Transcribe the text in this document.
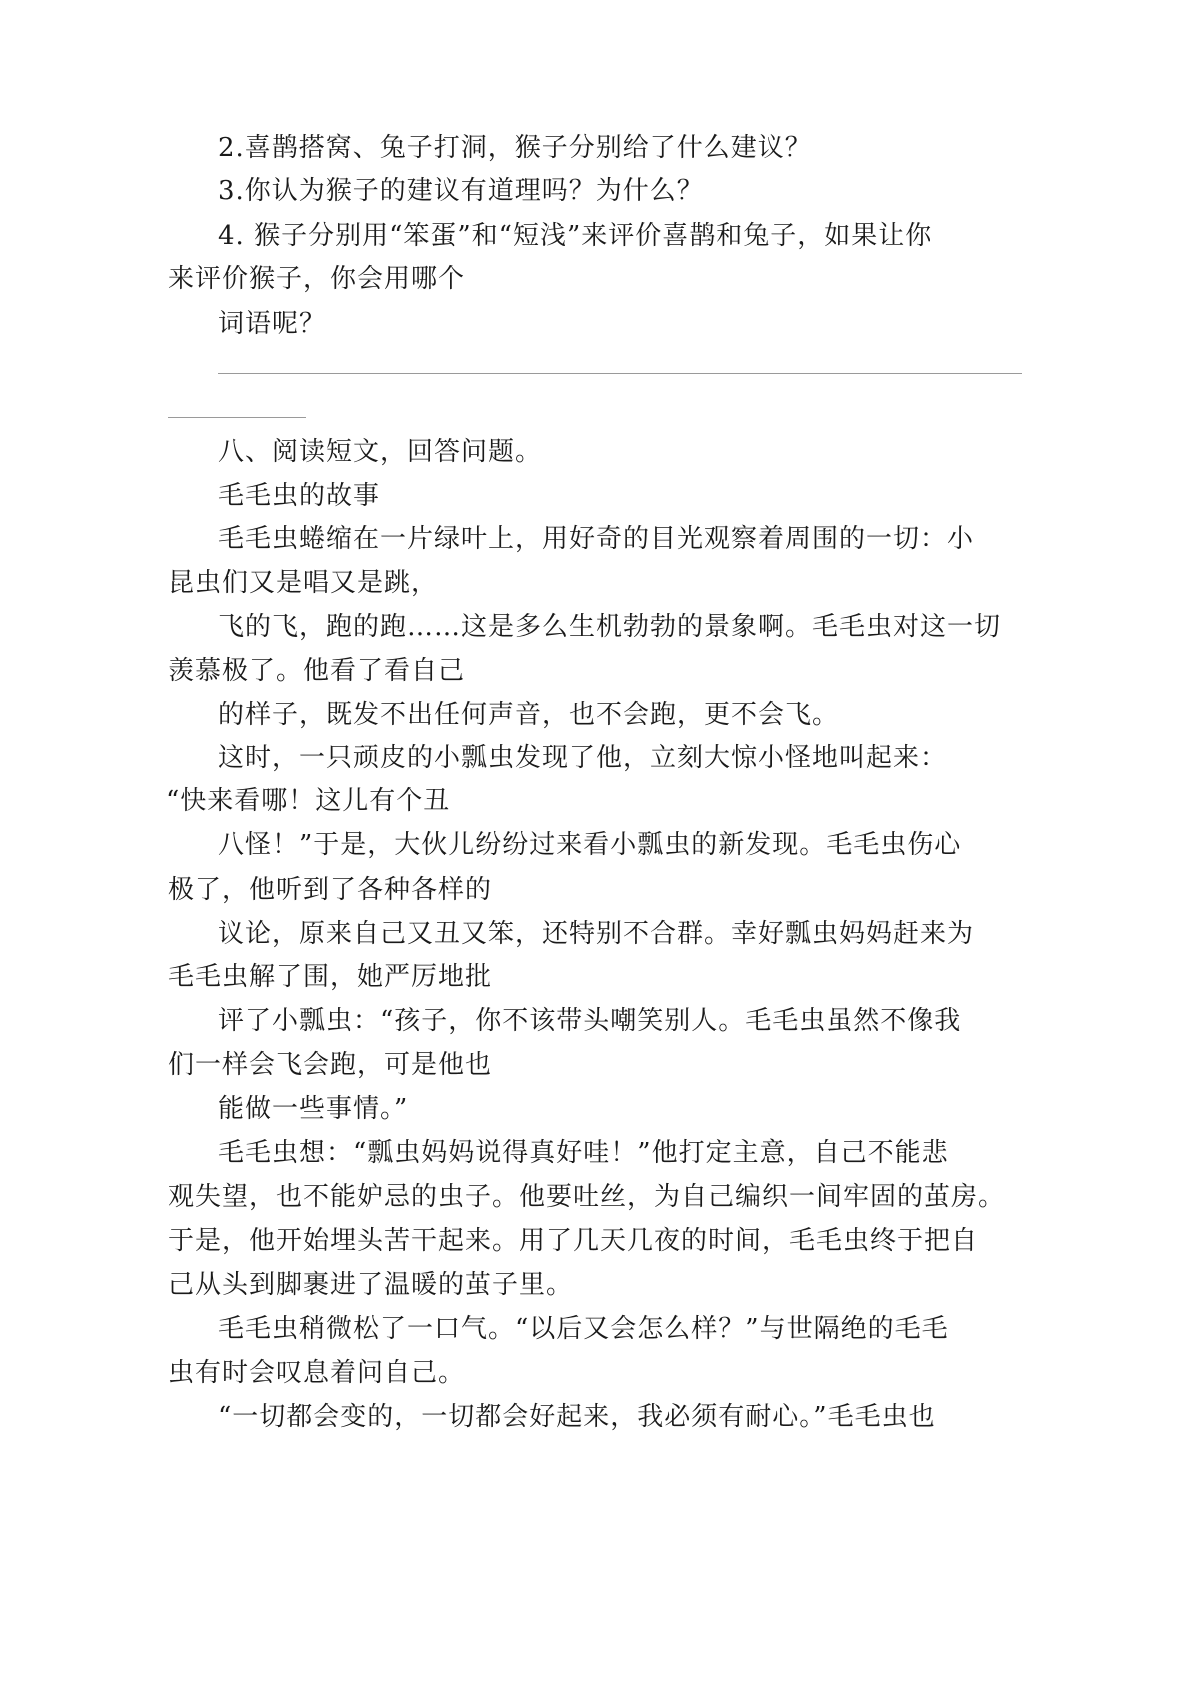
2.喜鹊搭窝、兔子打洞，猴子分别给了什么建议？
3.你认为猴子的建议有道理吗？为什么？
4. 猴子分别用“笨蛋”和“短浅”来评价喜鹊和兔子，如果让你
来评价猴子，你会用哪个
词语呢？
八、阅读短文，回答问题。
毛毛虫的故事
毛毛虫蜷缩在一片绿叶上，用好奇的目光观察着周围的一切：小
昆虫们又是唱又是跳，
飞的飞，跑的跑……这是多么生机勃勃的景象啊。毛毛虫对这一切
羡慕极了。他看了看自己
的样子，既发不出任何声音，也不会跑，更不会飞。
这时，一只顽皮的小瓢虫发现了他，立刻大惊小怪地叫起来：
“快来看哪！这儿有个丑
八怪！”于是，大伙儿纷纷过来看小瓢虫的新发现。毛毛虫伤心
极了，他听到了各种各样的
议论，原来自己又丑又笨，还特别不合群。幸好瓢虫妈妈赶来为
毛毛虫解了围，她严厉地批
评了小瓢虫：“孩子，你不该带头嘲笑别人。毛毛虫虽然不像我
们一样会飞会跑，可是他也
能做一些事情。”
毛毛虫想：“瓢虫妈妈说得真好哇！”他打定主意，自己不能悲
观失望，也不能妒忌的虫子。他要吐丝，为自己编织一间牢固的茧房。
于是，他开始埋头苦干起来。用了几天几夜的时间，毛毛虫终于把自
己从头到脚裹进了温暖的茧子里。
毛毛虫稍微松了一口气。“以后又会怎么样？”与世隔绝的毛毛
虫有时会叹息着问自己。
“一切都会变的，一切都会好起来，我必须有耐心。”毛毛虫也
